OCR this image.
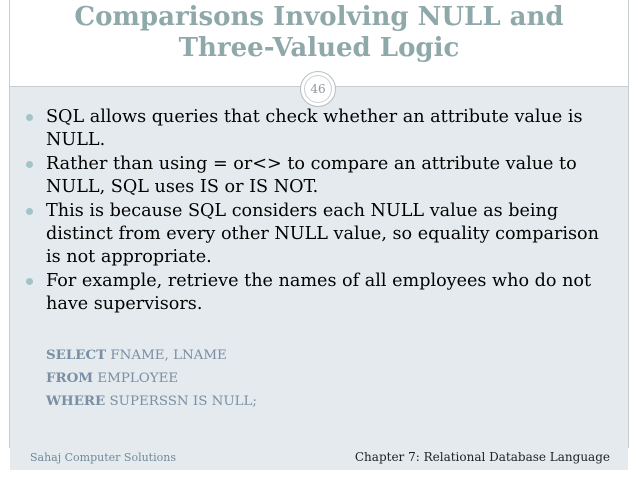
Comparisons Involving NULL and Three-Valued Logic
46
SQL allows queries that check whether an attribute value is NULL.
Rather than using = or<> to compare an attribute value to NULL, SQL uses IS or IS NOT.
This is because SQL considers each NULL value as being distinct from every other NULL value, so equality comparison is not appropriate.
For example, retrieve the names of all employees who do not have supervisors.
SELECT FNAME, LNAME
FROM EMPLOYEE
WHERE SUPERSSN IS NULL;
Sahaj Computer Solutions	Chapter 7: Relational Database Language
